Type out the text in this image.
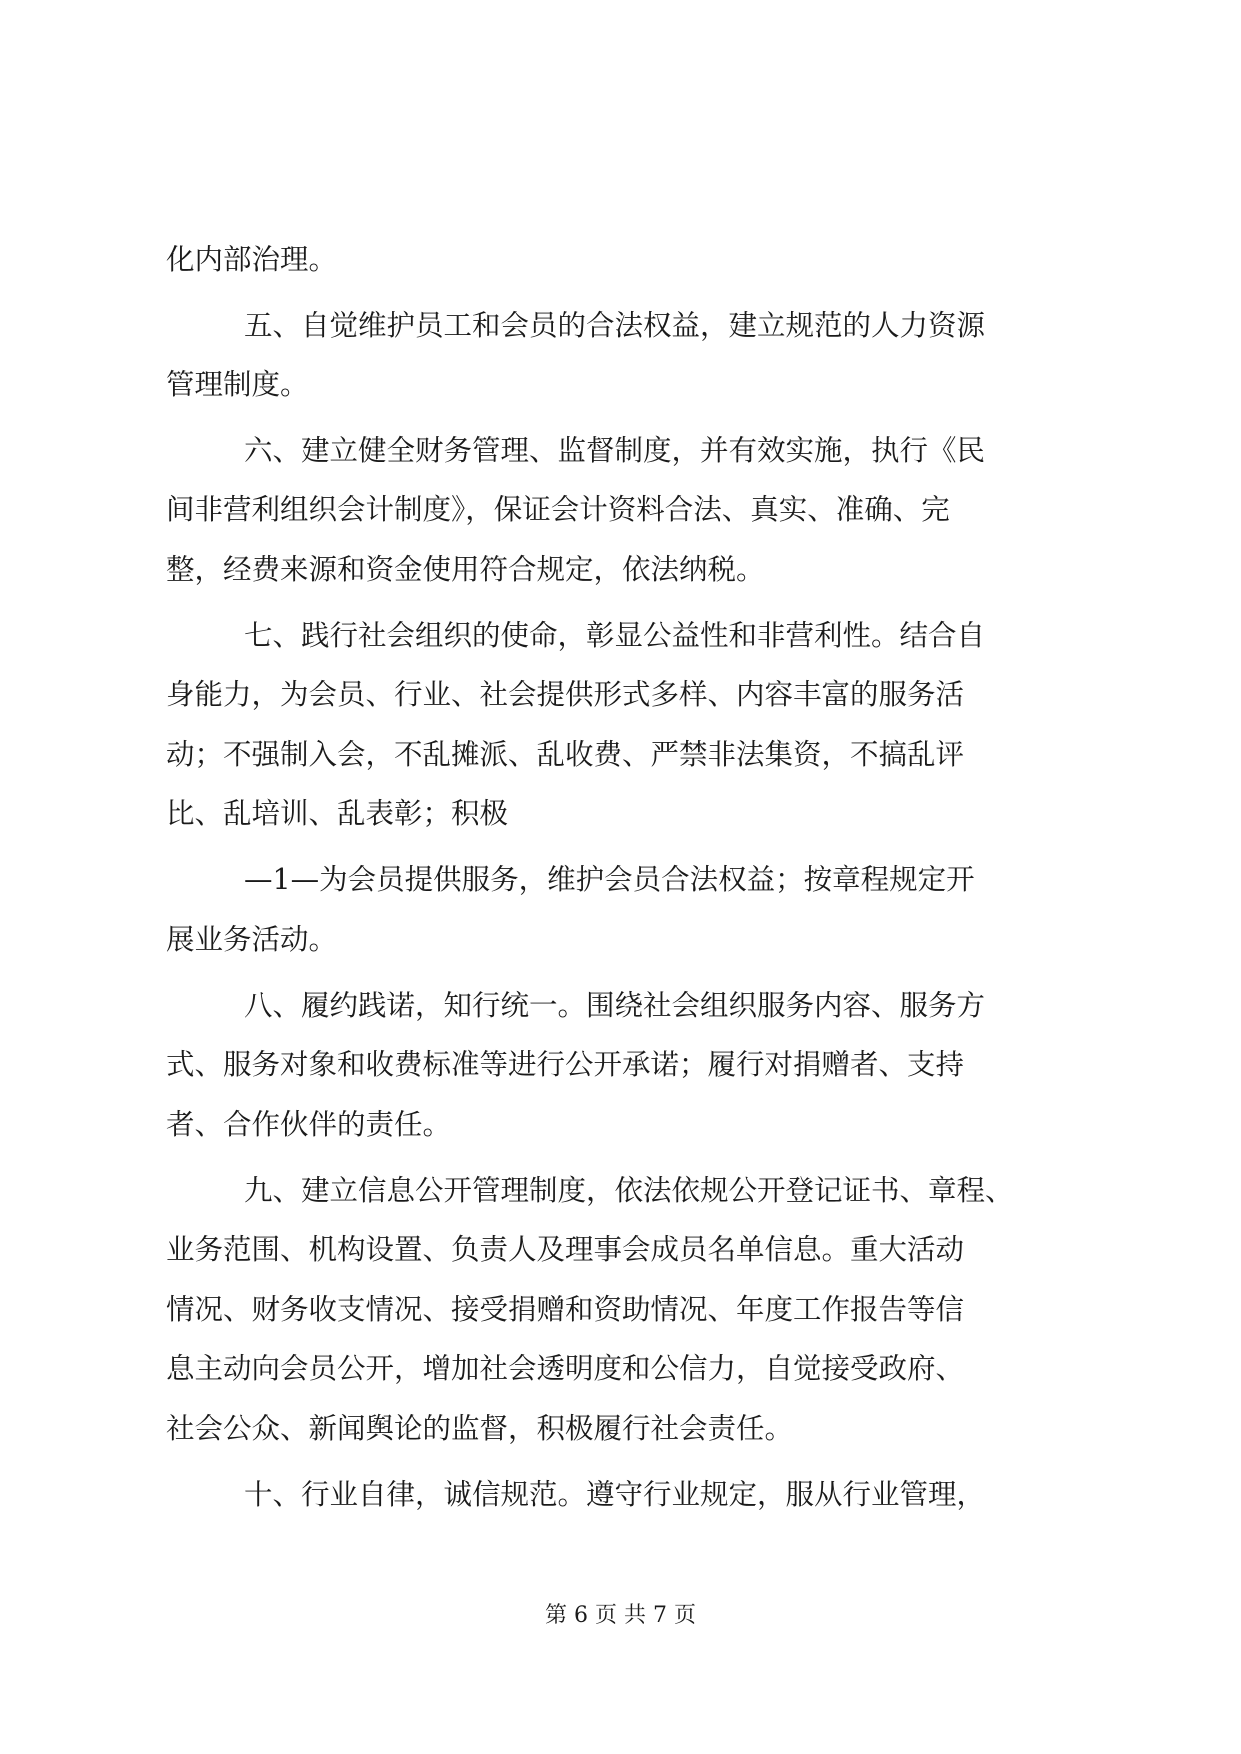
化内部治理。
五、自觉维护员工和会员的合法权益，建立规范的人力资源
管理制度。
六、建立健全财务管理、监督制度，并有效实施，执行《民
间非营利组织会计制度》，保证会计资料合法、真实、准确、完
整，经费来源和资金使用符合规定，依法纳税。
七、践行社会组织的使命，彰显公益性和非营利性。结合自
身能力，为会员、行业、社会提供形式多样、内容丰富的服务活
动；不强制入会，不乱摊派、乱收费、严禁非法集资，不搞乱评
比、乱培训、乱表彰；积极
—1—为会员提供服务，维护会员合法权益；按章程规定开
展业务活动。
八、履约践诺，知行统一。围绕社会组织服务内容、服务方
式、服务对象和收费标准等进行公开承诺；履行对捐赠者、支持
者、合作伙伴的责任。
九、建立信息公开管理制度，依法依规公开登记证书、章程、
业务范围、机构设置、负责人及理事会成员名单信息。重大活动
情况、财务收支情况、接受捐赠和资助情况、年度工作报告等信
息主动向会员公开，增加社会透明度和公信力，自觉接受政府、
社会公众、新闻舆论的监督，积极履行社会责任。
十、行业自律，诚信规范。遵守行业规定，服从行业管理，
第 6 页 共 7 页
